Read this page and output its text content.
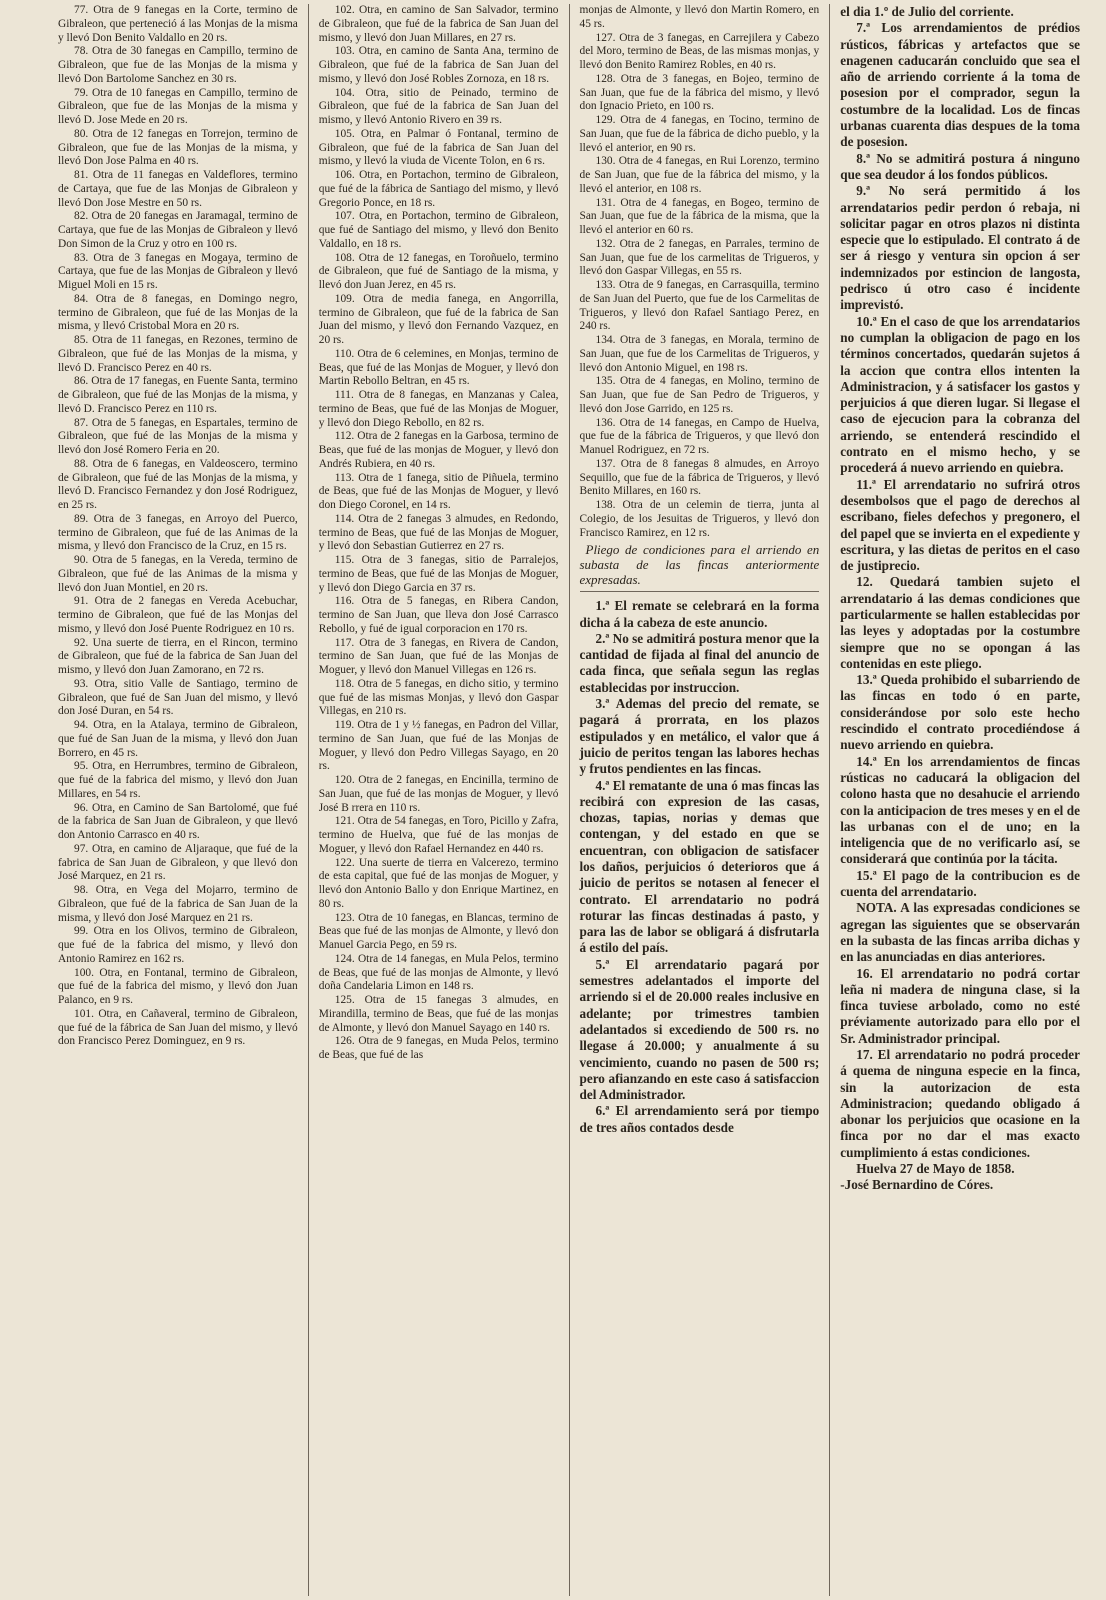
77. Otra de 9 fanegas en la Corte, termino de Gibraleon, que perteneció á las Monjas de la misma y llevó Don Benito Valdallo en 20 rs.

78. Otra de 30 fanegas en Campillo, termino de Gibraleon, que fue de las Monjas de la misma y llevó Don Bartolome Sanchez en 30 rs.

79. Otra de 10 fanegas en Campillo, termino de Gibraleon, que fue de las Monjas de la misma y llevó D. Jose Mede en 20 rs.

80. Otra de 12 fanegas en Torrejon, termino de Gibraleon, que fue de las Monjas de la misma, y llevó Don Jose Palma en 40 rs.

81. Otra de 11 fanegas en Valdeflores, termino de Cartaya, que fue de las Monjas de Gibraleon y llevó Don Jose Mestre en 50 rs.

82. Otra de 20 fanegas en Jaramagal, termino de Cartaya, que fue de las Monjas de Gibraleon y llevó Don Simon de la Cruz y otro en 100 rs.

83. Otra de 3 fanegas en Mogaya, termino de Cartaya, que fue de las Monjas de Gibraleon y llevó Miguel Moli en 15 rs.

84. Otra de 8 fanegas, en Domingo negro, termino de Gibraleon, que fué de las Monjas de la misma, y llevó Cristobal Mora en 20 rs.

85. Otra de 11 fanegas, en Rezones, termino de Gibraleon, que fué de las Monjas de la misma, y llevó D. Francisco Perez en 40 rs.

86. Otra de 17 fanegas, en Fuente Santa, termino de Gibraleon, que fué de las Monjas de la misma, y llevó D. Francisco Perez en 110 rs.

87. Otra de 5 fanegas, en Espartales, termino de Gibraleon, que fué de las Monjas de la misma y llevó don José Romero Feria en 20.

88. Otra de 6 fanegas, en Valdeoscero, termino de Gibraleon, que fué de las Monjas de la misma, y llevó D. Francisco Fernandez y don José Rodriguez, en 25 rs.

89. Otra de 3 fanegas, en Arroyo del Puerco, termino de Gibraleon, que fué de las Animas de la misma, y llevó don Francisco de la Cruz, en 15 rs.

90. Otra de 5 fanegas, en la Vereda, termino de Gibraleon, que fué de las Animas de la misma y llevó don Juan Montiel, en 20 rs.

91. Otra de 2 fanegas en Vereda Acebuchar, termino de Gibraleon, que fué de las Monjas del mismo, y llevó don José Puente Rodriguez en 10 rs.

92. Una suerte de tierra, en el Rincon, termino de Gibraleon, que fué de la fabrica de San Juan del mismo, y llevó don Juan Zamorano, en 72 rs.

93. Otra, sitio Valle de Santiago, termino de Gibraleon, que fué de San Juan del mismo, y llevó don José Duran, en 54 rs.

94. Otra, en la Atalaya, termino de Gibraleon, que fué de San Juan de la misma, y llevó don Juan Borrero, en 45 rs.

95. Otra, en Herrumbres, termino de Gibraleon, que fué de la fabrica del mismo, y llevó don Juan Millares, en 54 rs.

96. Otra, en Camino de San Bartolomé, que fué de la fabrica de San Juan de Gibraleon, y que llevó don Antonio Carrasco en 40 rs.

97. Otra, en camino de Aljaraque, que fué de la fabrica de San Juan de Gibraleon, y que llevó don José Marquez, en 21 rs.

98. Otra, en Vega del Mojarro, termino de Gibraleon, que fué de la fabrica de San Juan de la misma, y llevó don José Marquez en 21 rs.

99. Otra en los Olivos, termino de Gibraleon, que fué de la fabrica del mismo, y llevó don Antonio Ramirez en 162 rs.

100. Otra, en Fontanal, termino de Gibraleon, que fué de la fabrica del mismo, y llevó don Juan Palanco, en 9 rs.

101. Otra, en Cañaveral, termino de Gibraleon, que fué de la fábrica de San Juan del mismo, y llevó don Francisco Perez Dominguez, en 9 rs.

102. Otra, en camino de San Salvador, termino de Gibraleon, que fué de la fabrica de San Juan del mismo, y llevó don Juan Millares, en 27 rs.

103. Otra, en camino de Santa Ana, termino de Gibraleon, que fué de la fabrica de San Juan del mismo, y llevó don José Robles Zornoza, en 18 rs.

104. Otra, sitio de Peinado, termino de Gibraleon, que fué de la fabrica de San Juan del mismo, y llevó Antonio Rivero en 39 rs.

105. Otra, en Palmar ó Fontanal, termino de Gibraleon, que fué de la fabrica de San Juan del mismo, y llevó la viuda de Vicente Tolon, en 6 rs.

106. Otra, en Portachon, termino de Gibraleon, que fué de la fábrica de Santiago del mismo, y llevó Gregorio Ponce, en 18 rs.

107. Otra, en Portachon, termino de Gibraleon, que fué de Santiago del mismo, y llevó don Benito Valdallo, en 18 rs.

108. Otra de 12 fanegas, en Toroñuelo, termino de Gibraleon, que fué de Santiago de la misma, y llevó don Juan Jerez, en 45 rs.

109. Otra de media fanega, en Angorrilla, termino de Gibraleon, que fué de la fabrica de San Juan del mismo, y llevó don Fernando Vazquez, en 20 rs.

110. Otra de 6 celemines, en Monjas, termino de Beas, que fué de las Monjas de Moguer, y llevó don Martin Rebollo Beltran, en 45 rs.

111. Otra de 8 fanegas, en Manzanas y Calea, termino de Beas, que fué de las Monjas de Moguer, y llevó don Diego Rebollo, en 82 rs.

112. Otra de 2 fanegas en la Garbosa, termino de Beas, que fué de las monjas de Moguer, y llevó don Andrés Rubiera, en 40 rs.

113. Otra de 1 fanega, sitio de Piñuela, termino de Beas, que fué de las Monjas de Moguer, y llevó don Diego Coronel, en 14 rs.

114. Otra de 2 fanegas 3 almudes, en Redondo, termino de Beas, que fué de las Monjas de Moguer, y llevó don Sebastian Gutierrez en 27 rs.

115. Otra de 3 fanegas, sitio de Parralejos, termino de Beas, que fué de las Monjas de Moguer, y llevó don Diego Garcia en 37 rs.

116. Otra de 5 fanegas, en Ribera Candon, termino de San Juan, que lleva don José Carrasco Rebollo, y fué de igual corporacion en 170 rs.

117. Otra de 3 fanegas, en Rivera de Candon, termino de San Juan, que fué de las Monjas de Moguer, y llevó don Manuel Villegas en 126 rs.

118. Otra de 5 fanegas, en dicho sitio, y termino que fué de las mismas Monjas, y llevó don Gaspar Villegas, en 210 rs.

119. Otra de 1 y ½ fanegas, en Padron del Villar, termino de San Juan, que fué de las Monjas de Moguer, y llevó don Pedro Villegas Sayago, en 20 rs.

120. Otra de 2 fanegas, en Encinilla, termino de San Juan, que fué de las monjas de Moguer, y llevó José B rrera en 110 rs.

121. Otra de 54 fanegas, en Toro, Picillo y Zafra, termino de Huelva, que fué de las monjas de Moguer, y llevó don Rafael Hernandez en 440 rs.

122. Una suerte de tierra en Valcerezo, termino de esta capital, que fué de las monjas de Moguer, y llevó don Antonio Ballo y don Enrique Martinez, en 80 rs.

123. Otra de 10 fanegas, en Blancas, termino de Beas que fué de las monjas de Almonte, y llevó don Manuel Garcia Pego, en 59 rs.

124. Otra de 14 fanegas, en Mula Pelos, termino de Beas, que fué de las monjas de Almonte, y llevó doña Candelaria Limon en 148 rs.

125. Otra de 15 fanegas 3 almudes, en Mirandilla, termino de Beas, que fué de las monjas de Almonte, y llevó don Manuel Sayago en 140 rs.

126. Otra de 9 fanegas, en Muda Pelos, termino de Beas, que fué de las

monjas de Almonte, y llevó don Martin Romero, en 45 rs.

127. Otra de 3 fanegas, en Carrejilera y Cabezo del Moro, termino de Beas, de las mismas monjas, y llevó don Benito Ramirez Robles, en 40 rs.

128. Otra de 3 fanegas, en Bojeo, termino de San Juan, que fue de la fábrica del mismo, y llevó don Ignacio Prieto, en 100 rs.

129. Otra de 4 fanegas, en Tocino, termino de San Juan, que fue de la fábrica de dicho pueblo, y la llevó el anterior, en 90 rs.

130. Otra de 4 fanegas, en Rui Lorenzo, termino de San Juan, que fue de la fábrica del mismo, y la llevó el anterior, en 108 rs.

131. Otra de 4 fanegas, en Bogeo, termino de San Juan, que fue de la fábrica de la misma, que la llevó el anterior en 60 rs.

132. Otra de 2 fanegas, en Parrales, termino de San Juan, que fue de los carmelitas de Trigueros, y llevó don Gaspar Villegas, en 55 rs.

133. Otra de 9 fanegas, en Carrasquilla, termino de San Juan del Puerto, que fue de los Carmelitas de Trigueros, y llevó don Rafael Santiago Perez, en 240 rs.

134. Otra de 3 fanegas, en Morala, termino de San Juan, que fue de los Carmelitas de Trigueros, y llevó don Antonio Miguel, en 198 rs.

135. Otra de 4 fanegas, en Molino, termino de San Juan, que fue de San Pedro de Trigueros, y llevó don Jose Garrido, en 125 rs.

136. Otra de 14 fanegas, en Campo de Huelva, que fue de la fábrica de Trigueros, y que llevó don Manuel Rodriguez, en 72 rs.

137. Otra de 8 fanegas 8 almudes, en Arroyo Sequillo, que fue de la fábrica de Trigueros, y llevó Benito Millares, en 160 rs.

138. Otra de un celemin de tierra, junta al Colegio, de los Jesuitas de Trigueros, y llevó don Francisco Ramirez, en 12 rs.

Pliego de condiciones para el arriendo en subasta de las fincas anteriormente expresadas.

1.ª El remate se celebrará en la forma dicha á la cabeza de este anuncio.

2.ª No se admitirá postura menor que la cantidad de fijada al final del anuncio de cada finca, que señala segun las reglas establecidas por instruccion.

3.ª Ademas del precio del remate, se pagará á prorrata, en los plazos estipulados y en metálico, el valor que á juicio de peritos tengan las labores hechas y frutos pendientes en las fincas.

4.ª El rematante de una ó mas fincas las recibirá con expresion de las casas, chozas, tapias, norias y demas que contengan, y del estado en que se encuentran, con obligacion de satisfacer los daños, perjuicios ó deterioros que á juicio de peritos se notasen al fenecer el contrato. El arrendatario no podrá roturar las fincas destinadas á pasto, y para las de labor se obligará á disfrutarla á estilo del país.

5.ª El arrendatario pagará por semestres adelantados el importe del arriendo si el de 20.000 reales inclusive en adelante; por trimestres tambien adelantados si excediendo de 500 rs. no llegase á 20.000; y anualmente á su vencimiento, cuando no pasen de 500 rs; pero afianzando en este caso á satisfaccion del Administrador.

6.ª El arrendamiento será por tiempo de tres años contados desde

el dia 1.º de Julio del corriente.

7.ª Los arrendamientos de prédios rústicos, fábricas y artefactos que se enagenen caducarán concluido que sea el año de arriendo corriente á la toma de posesion por el comprador, segun la costumbre de la localidad. Los de fincas urbanas cuarenta dias despues de la toma de posesion.

8.ª No se admitirá postura á ninguno que sea deudor á los fondos públicos.

9.ª No será permitido á los arrendatarios pedir perdon ó rebaja, ni solicitar pagar en otros plazos ni distinta especie que lo estipulado. El contrato á de ser á riesgo y ventura sin opcion á ser indemnizados por estincion de langosta, pedrisco ú otro caso é incidente imprevistó.

10.ª En el caso de que los arrendatarios no cumplan la obligacion de pago en los términos concertados, quedarán sujetos á la accion que contra ellos intenten la Administracion, y á satisfacer los gastos y perjuicios á que dieren lugar. Si llegase el caso de ejecucion para la cobranza del arriendo, se entenderá rescindido el contrato en el mismo hecho, y se procederá á nuevo arriendo en quiebra.

11.ª El arrendatario no sufrirá otros desembolsos que el pago de derechos al escribano, fieles defechos y pregonero, el del papel que se invierta en el expediente y escritura, y las dietas de peritos en el caso de justiprecio.

12. Quedará tambien sujeto el arrendatario á las demas condiciones que particularmente se hallen establecidas por las leyes y adoptadas por la costumbre siempre que no se opongan á las contenidas en este pliego.

13.ª Queda prohibido el subarriendo de las fincas en todo ó en parte, considerándose por solo este hecho rescindido el contrato procediéndose á nuevo arriendo en quiebra.

14.ª En los arrendamientos de fincas rústicas no caducará la obligacion del colono hasta que no desahucie el arriendo con la anticipacion de tres meses y en el de las urbanas con el de uno; en la inteligencia que de no verificarlo así, se considerará que continúa por la tácita.

15.ª El pago de la contribucion es de cuenta del arrendatario.

NOTA. A las expresadas condiciones se agregan las siguientes que se observarán en la subasta de las fincas arriba dichas y en las anunciadas en dias anteriores.

16. El arrendatario no podrá cortar leña ni madera de ninguna clase, si la finca tuviese arbolado, como no esté préviamente autorizado para ello por el Sr. Administrador principal.

17. El arrendatario no podrá proceder á quema de ninguna especie en la finca, sin la autorizacion de esta Administracion; quedando obligado á abonar los perjuicios que ocasione en la finca por no dar el mas exacto cumplimiento á estas condiciones.

Huelva 27 de Mayo de 1858.

-José Bernardino de Córes.
